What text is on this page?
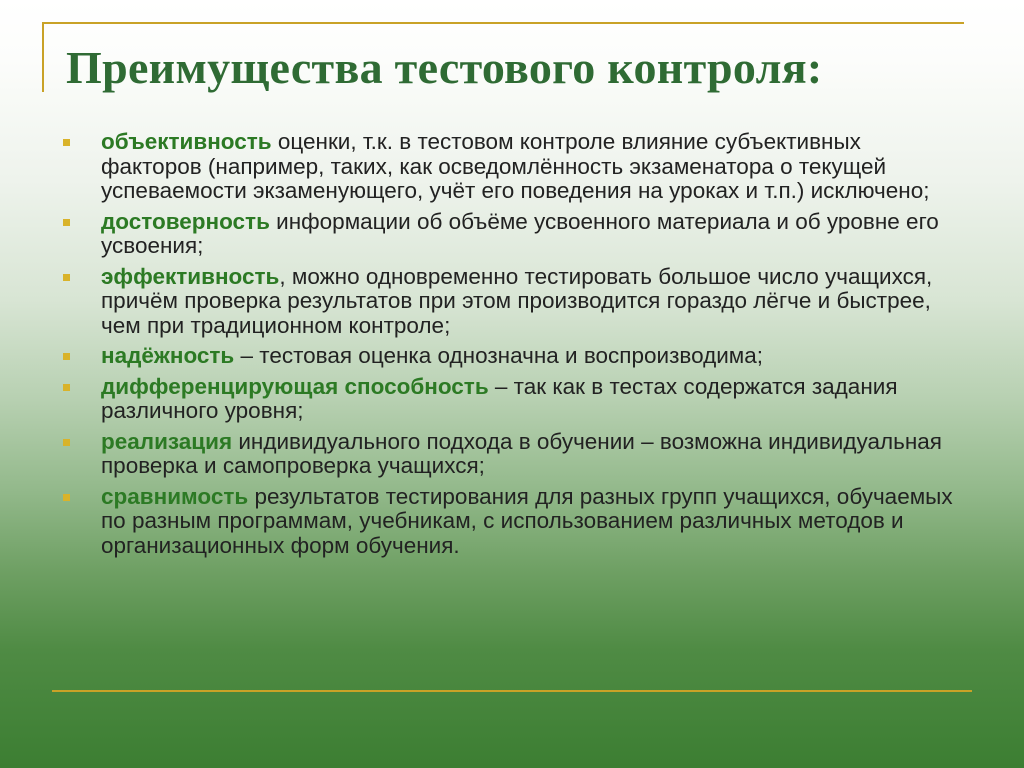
Преимущества тестового контроля:
объективность оценки, т.к. в тестовом контроле влияние субъективных факторов (например, таких, как осведомлённость экзаменатора о текущей успеваемости экзаменующего, учёт его поведения на уроках и т.п.) исключено;
достоверность информации об объёме усвоенного материала и об уровне его усвоения;
эффективность, можно одновременно тестировать большое число учащихся, причём проверка результатов при этом производится гораздо лёгче и быстрее, чем при традиционном контроле;
надёжность – тестовая оценка однозначна и воспроизводима;
дифференцирующая способность – так как в тестах содержатся задания различного уровня;
реализация индивидуального подхода в обучении – возможна индивидуальная проверка и самопроверка учащихся;
сравнимость результатов тестирования для разных групп учащихся, обучаемых по разным программам, учебникам, с использованием различных методов и организационных форм обучения.
